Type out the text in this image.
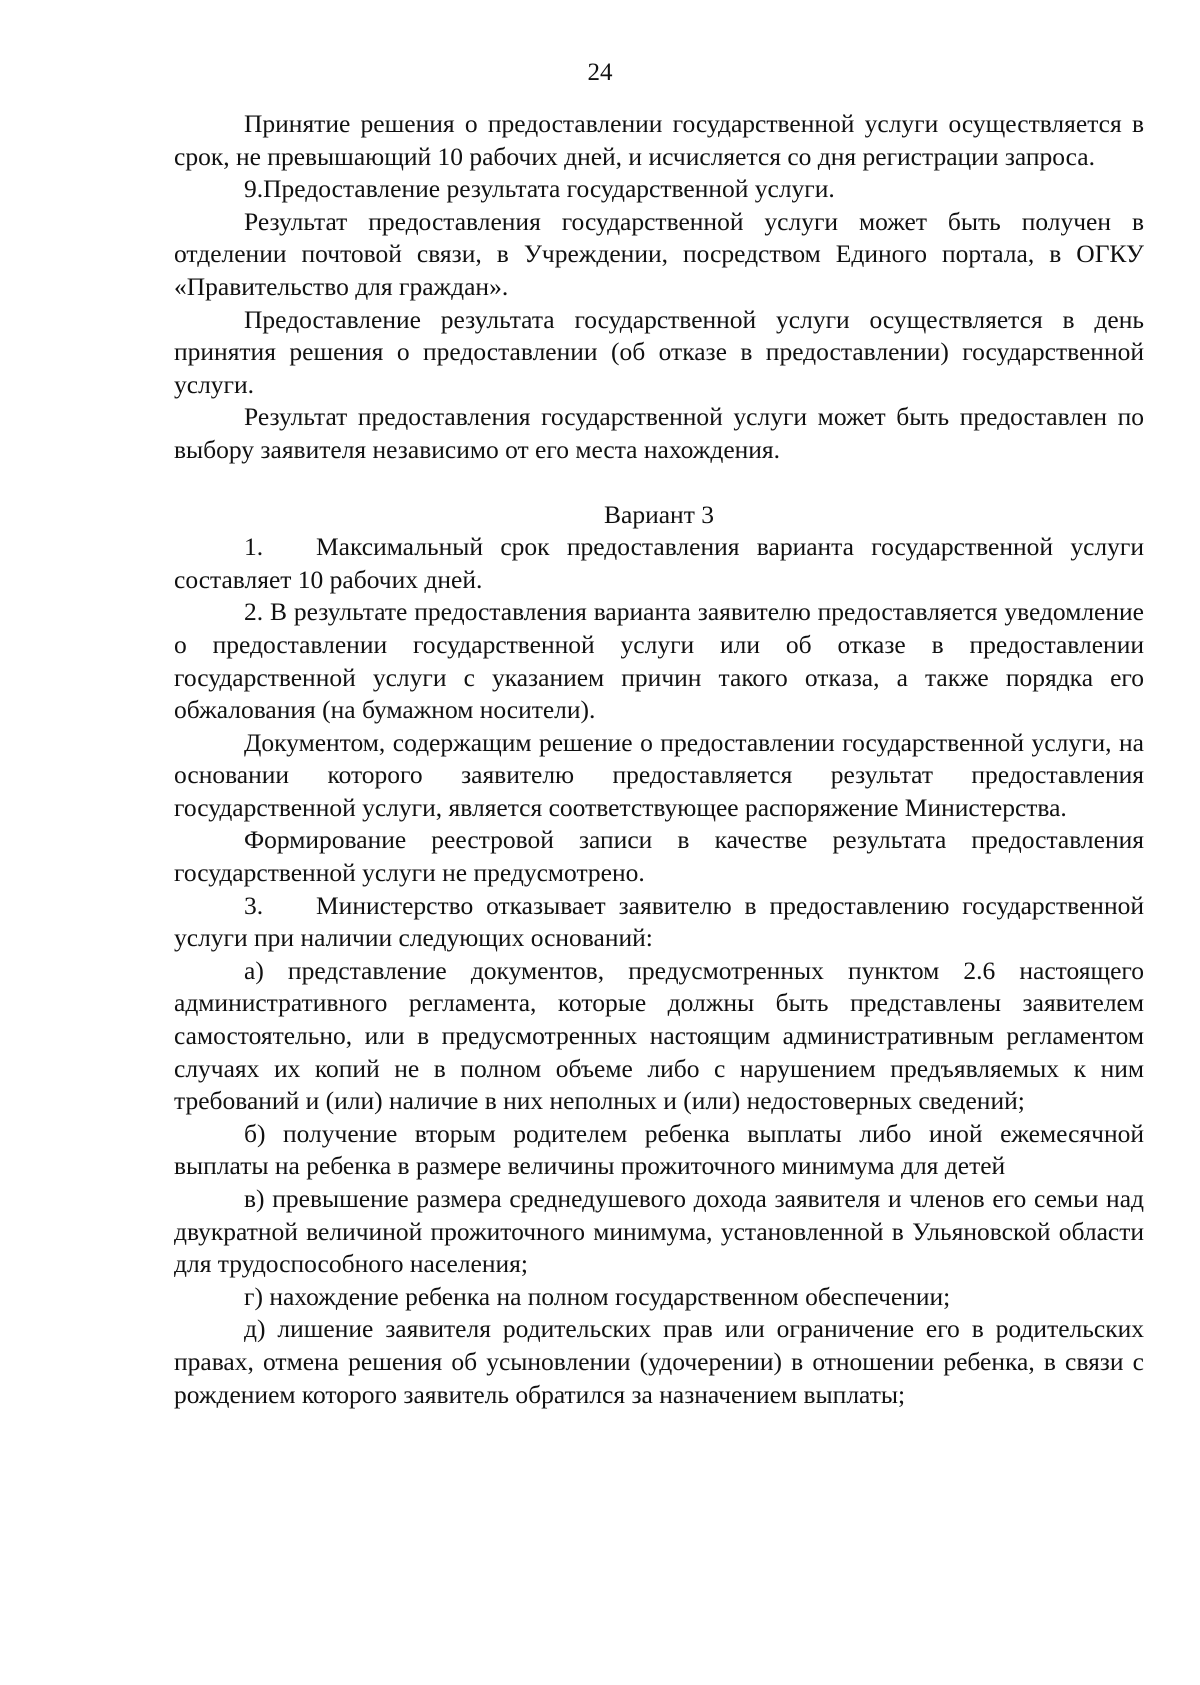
24

Принятие решения о предоставлении государственной услуги осуществляется в срок, не превышающий 10 рабочих дней, и исчисляется со дня регистрации запроса.

9.Предоставление результата государственной услуги.

Результат предоставления государственной услуги может быть получен в отделении почтовой связи, в Учреждении, посредством Единого портала, в ОГКУ «Правительство для граждан».

Предоставление результата государственной услуги осуществляется в день принятия решения о предоставлении (об отказе в предоставлении) государственной услуги.

Результат предоставления государственной услуги может быть предоставлен по выбору заявителя независимо от его места нахождения.

Вариант 3

1. Максимальный срок предоставления варианта государственной услуги составляет 10 рабочих дней.

2. В результате предоставления варианта заявителю предоставляется уведомление о предоставлении государственной услуги или об отказе в предоставлении государственной услуги с указанием причин такого отказа, а также порядка его обжалования (на бумажном носители).

Документом, содержащим решение о предоставлении государственной услуги, на основании которого заявителю предоставляется результат предоставления государственной услуги, является соответствующее распоряжение Министерства.

Формирование реестровой записи в качестве результата предоставления государственной услуги не предусмотрено.

3. Министерство отказывает заявителю в предоставлению государственной услуги при наличии следующих оснований:

а) представление документов, предусмотренных пунктом 2.6 настоящего административного регламента, которые должны быть представлены заявителем самостоятельно, или в предусмотренных настоящим административным регламентом случаях их копий не в полном объеме либо с нарушением предъявляемых к ним требований и (или) наличие в них неполных и (или) недостоверных сведений;

б) получение вторым родителем ребенка выплаты либо иной ежемесячной выплаты на ребенка в размере величины прожиточного минимума для детей

в) превышение размера среднедушевого дохода заявителя и членов его семьи над двукратной величиной прожиточного минимума, установленной в Ульяновской области для трудоспособного населения;

г) нахождение ребенка на полном государственном обеспечении;

д) лишение заявителя родительских прав или ограничение его в родительских правах, отмена решения об усыновлении (удочерении) в отношении ребенка, в связи с рождением которого заявитель обратился за назначением выплаты;
